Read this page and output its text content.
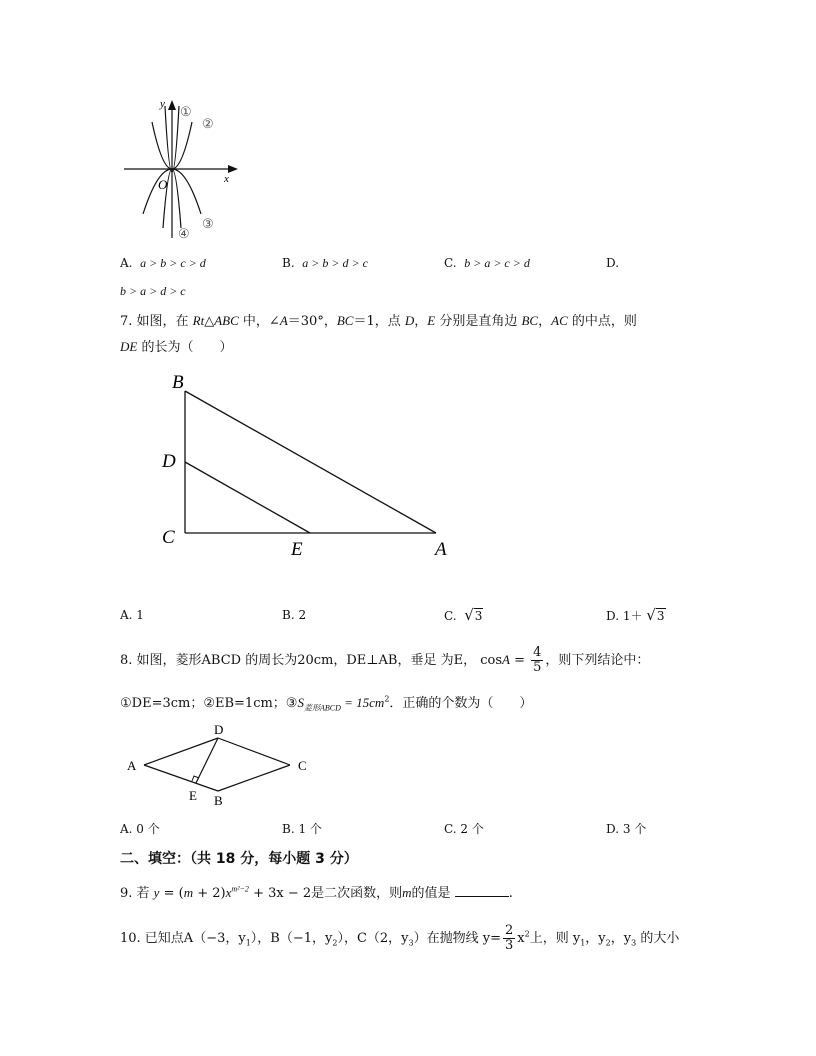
y
x
O
①
②
③
④
A. a > b > c > d	B. a > b > d > c	C. b > a > c > d	D.
b > a > d > c
7. 如图，在 Rt△ABC 中，∠A＝30°，BC＝1，点 D，E 分别是直角边 BC，AC 的中点，则
DE 的长为（　　）
B
D
C
E	A
A. 1	B. 2	C. √3	D. 1＋ √3
8. 如图，菱形ABCD 的周长为20cm，DE⊥AB，垂足 为E， $\cos A = \frac{4}{5}$ ，则下列结论中：
①DE=3cm；②EB=1cm；$③S_{菱形ABCD} = 15cm^2$．正确的个数为（　　）
A
D
C
E B
A. 0 个	B. 1 个	C. 2 个	D. 3 个
二、填空：（共 18 分，每小题 3 分）
9. 若 $y = (m + 2)x^{m^2-2} + 3x - 2$是二次函数，则m的值是	.
10. 已知点A（−3，$y_1$），B（−1，$y_2$），C（2，$y_3$）在抛物线 $y= \frac{2}{3} x^2$上，则 $y_1$，$y_2$，$y_3$ 的大小
